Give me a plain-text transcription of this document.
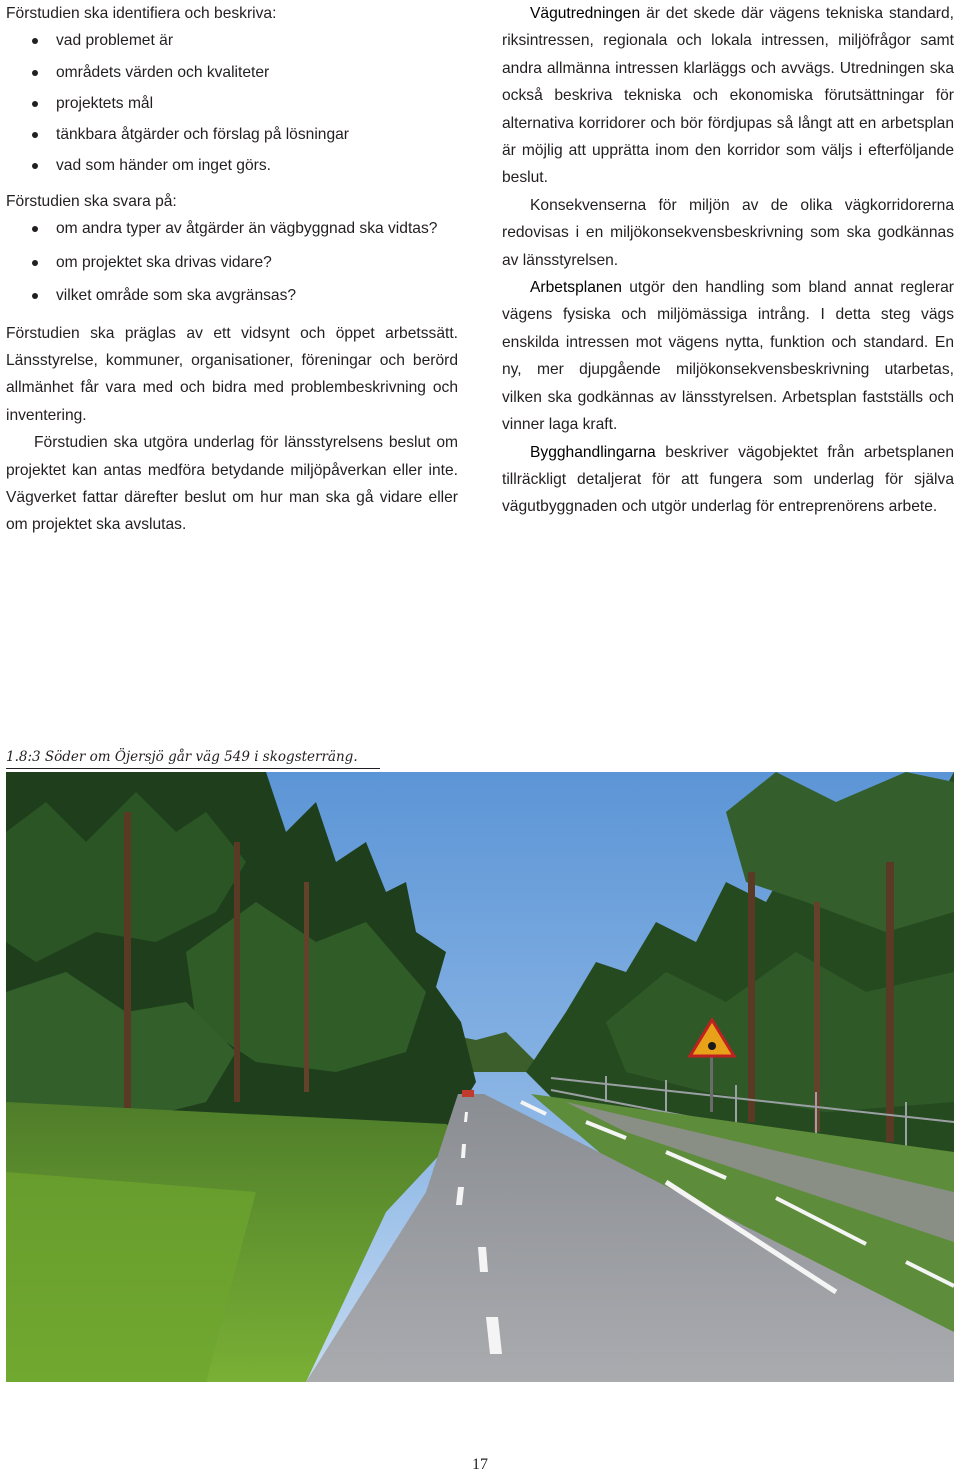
Förstudien ska identifiera och beskriva:

vad problemet är
områdets värden och kvaliteter
projektets mål
tänkbara åtgärder och förslag på lösningar
vad som händer om inget görs.

Förstudien ska svara på:

om andra typer av åtgärder än vägbyggnad ska vidtas?
om projektet ska drivas vidare?
vilket område som ska avgränsas?

Förstudien ska präglas av ett vidsynt och öppet arbetssätt. Länsstyrelse, kommuner, organisationer, föreningar och berörd allmänhet får vara med och bidra med problembeskrivning och inventering.

Förstudien ska utgöra underlag för länsstyrelsens beslut om projektet kan antas medföra betydande miljöpåverkan eller inte. Vägverket fattar därefter beslut om hur man ska gå vidare eller om projektet ska avslutas.

Vägutredningen är det skede där vägens tekniska standard, riksintressen, regionala och lokala intressen, miljöfrågor samt andra allmänna intressen klarläggs och avvägs. Utredningen ska också beskriva tekniska och ekonomiska förutsättningar för alternativa korridorer och bör fördjupas så långt att en arbetsplan är möjlig att upprätta inom den korridor som väljs i efterföljande beslut.

Konsekvenserna för miljön av de olika vägkorridorerna redovisas i en miljökonsekvensbeskrivning som ska godkännas av länsstyrelsen.

Arbetsplanen utgör den handling som bland annat reglerar vägens fysiska och miljömässiga intrång. I detta steg vägs enskilda intressen mot vägens nytta, funktion och standard. En ny, mer djupgående miljökonsekvensbeskrivning utarbetas, vilken ska godkännas av länsstyrelsen. Arbetsplan fastställs och vinner laga kraft.

Bygghandlingarna beskriver vägobjektet från arbetsplanen tillräckligt detaljerat för att fungera som underlag för själva vägutbyggnaden och utgör underlag för entreprenörens arbete.

1.8:3 Söder om Öjersjö går väg 549 i skogsterräng.
17
